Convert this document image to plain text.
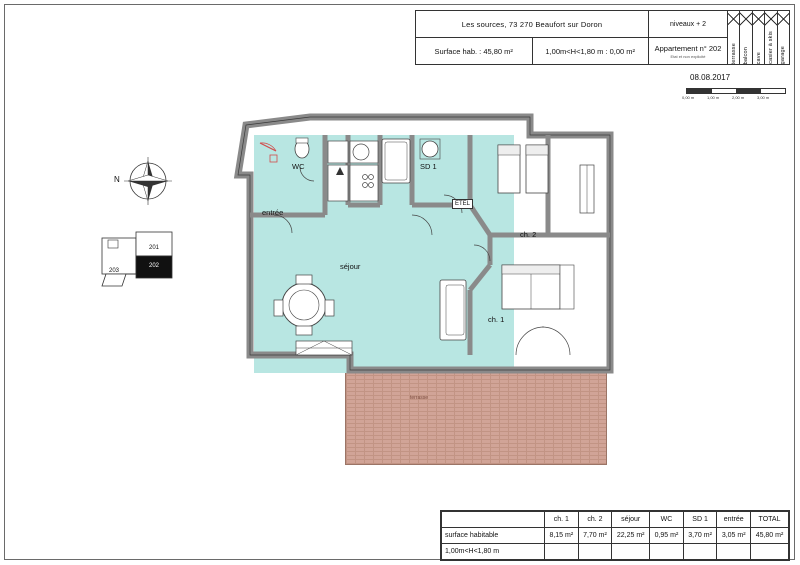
Les sources, 73 270 Beaufort sur Doron
Surface hab. : 45,80 m²	1,00m<H<1,80 m : 0,00 m²
niveaux + 2
Appartement n° 202
Etat et non explicité	terrasse balcon cave casier à skis garage
08.08.2017
0,00 m	1,00 m	2,00 m	3,00 m
N
201
203
202
terrasse
entrée
WC	SD 1
séjour
ch. 1
ch. 2
ETEL
	ch. 1	ch. 2	séjour	WC	SD 1	entrée	TOTAL
surface habitable	8,15 m²	7,70 m²	22,25 m²	0,95 m²	3,70 m²	3,05 m²	45,80 m²
1,00m<H<1,80 m							
